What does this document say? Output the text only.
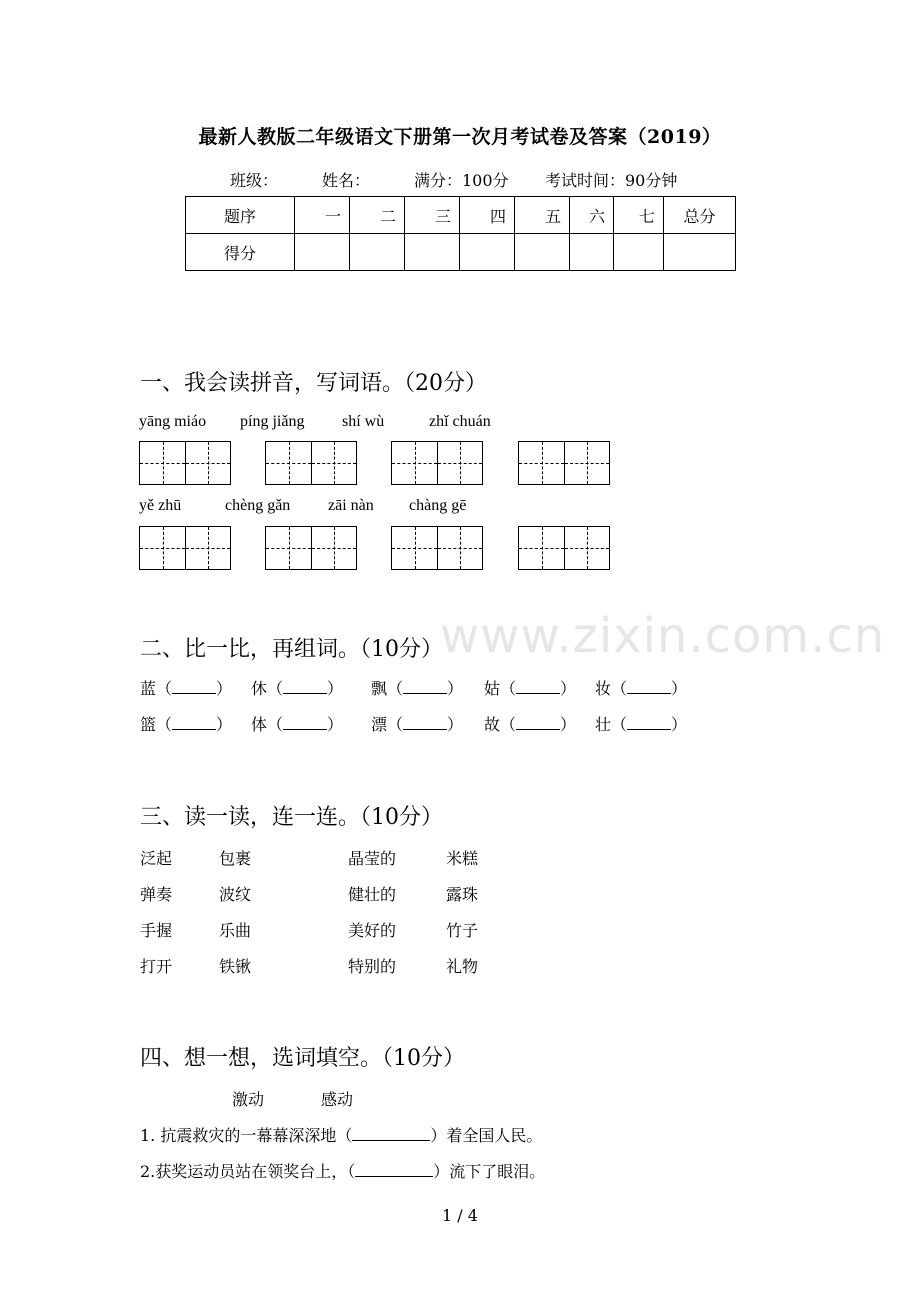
www.zixin.com.cn
最新人教版二年级语文下册第一次月考试卷及答案（2019）
班级：	姓名：	满分：100分 考试时间：90分钟
题序	一	二	三	四	五	六	七	总分
得分								
一、我会读拼音，写词语。（20分）
yāng miáo píng jiǎng shí wù	zhǐ chuán
yě zhū	chèng gǎn zāi nàn chàng gē
二、比一比，再组词。（10分）
蓝（	） 休（	） 飘（	） 姑（	） 妆（	）
篮（	） 体（	） 漂（	） 故（	） 壮（	）
三、读一读，连一连。（10分）
泛起	包裹	晶莹的	米糕
弹奏	波纹	健壮的	露珠
手握	乐曲	美好的	竹子
打开	铁锹	特别的	礼物
四、想一想，选词填空。（10分）
激动	感动
1. 抗震救灾的一幕幕深深地（	）着全国人民。
2.获奖运动员站在领奖台上，（	）流下了眼泪。
1 / 4
